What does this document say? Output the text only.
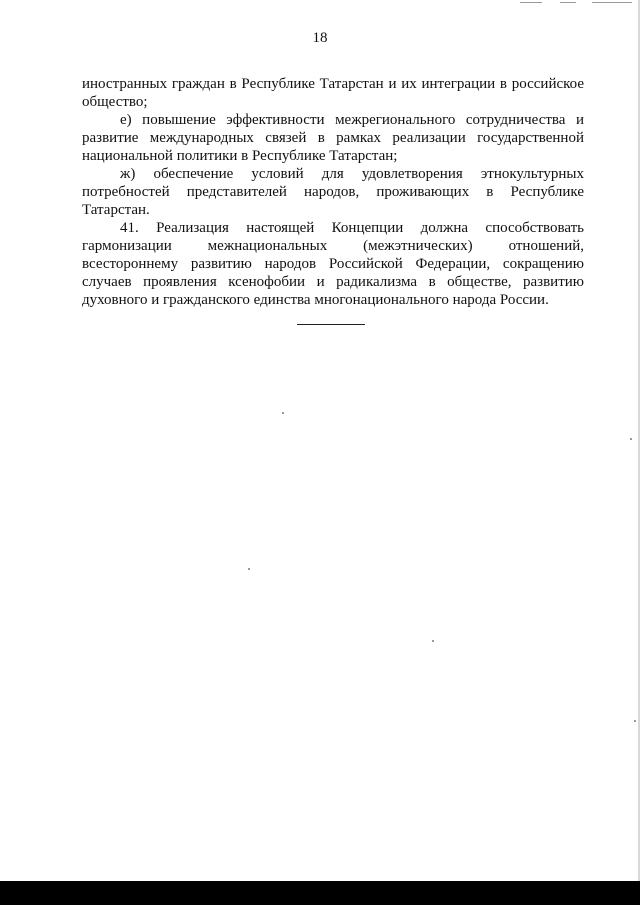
18

иностранных граждан в Республике Татарстан и их интеграции в российское общество;

е) повышение эффективности межрегионального сотрудничества и развитие международных связей в рамках реализации государственной национальной политики в Республике Татарстан;

ж) обеспечение условий для удовлетворения этнокультурных потребностей представителей народов, проживающих в Республике Татарстан.

41. Реализация настоящей Концепции должна способствовать гармонизации межнациональных (межэтнических) отношений, всестороннему развитию народов Российской Федерации, сокращению случаев проявления ксенофобии и радикализма в обществе, развитию духовного и гражданского единства многонационального народа России.
